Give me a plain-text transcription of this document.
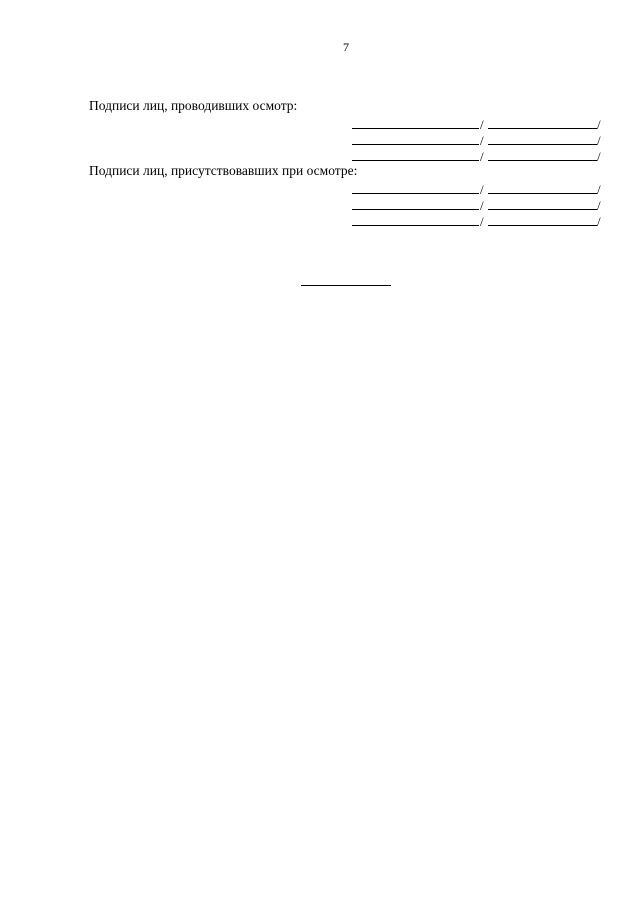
7
Подписи лиц, проводивших осмотр:
/	/
/	/
/	/
Подписи лиц, присутствовавших при осмотре:
/	/
/	/
/	/
